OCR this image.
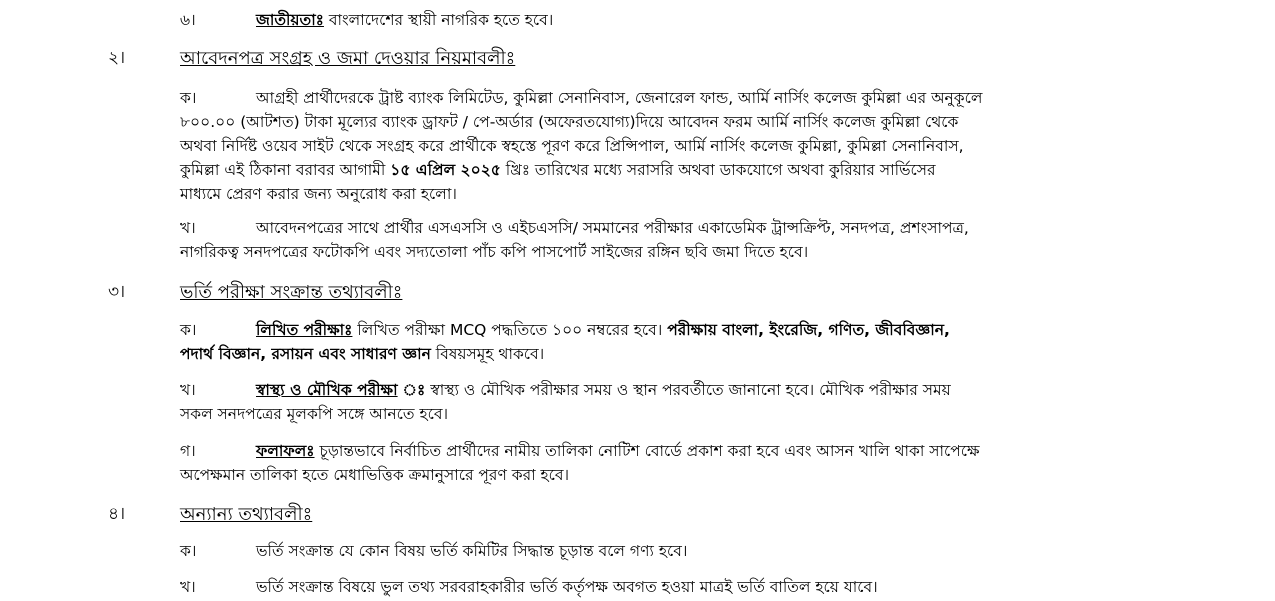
৬।	জাতীয়তাঃ বাংলাদেশের স্থায়ী নাগরিক হতে হবে।
২।	আবেদনপত্র সংগ্রহ ও জমা দেওয়ার নিয়মাবলীঃ
ক।	আগ্রহী প্রার্থীদেরকে ট্রাষ্ট ব্যাংক লিমিটেড, কুমিল্লা সেনানিবাস, জেনারেল ফান্ড, আর্মি নার্সিং কলেজ কুমিল্লা এর অনুকূলে
৮০০.০০ (আটশত) টাকা মূল্যের ব্যাংক ড্রাফট / পে-অর্ডার (অফেরতযোগ্য)দিয়ে আবেদন ফরম আর্মি নার্সিং কলেজ কুমিল্লা থেকে
অথবা নির্দিষ্ট ওয়েব সাইট থেকে সংগ্রহ করে প্রার্থীকে স্বহস্তে পূরণ করে প্রিন্সিপাল, আর্মি নার্সিং কলেজ কুমিল্লা, কুমিল্লা সেনানিবাস,
কুমিল্লা এই ঠিকানা বরাবর আগামী ১৫ এপ্রিল ২০২৫ খ্রিঃ তারিখের মধ্যে সরাসরি অথবা ডাকযোগে অথবা কুরিয়ার সার্ভিসের
মাধ্যমে প্রেরণ করার জন্য অনুরোধ করা হলো।
খ।	আবেদনপত্রের সাথে প্রার্থীর এসএসসি ও এইচএসসি/ সমমানের পরীক্ষার একাডেমিক ট্রান্সক্রিপ্ট, সনদপত্র, প্রশংসাপত্র,
নাগরিকত্ব সনদপত্রের ফটোকপি এবং সদ্যতোলা পাঁচ কপি পাসপোর্ট সাইজের রঙ্গিন ছবি জমা দিতে হবে।
৩।	ভর্তি পরীক্ষা সংক্রান্ত তথ্যাবলীঃ
ক।	লিখিত পরীক্ষাঃ লিখিত পরীক্ষা MCQ পদ্ধতিতে ১০০ নম্বরের হবে। পরীক্ষায় বাংলা, ইংরেজি, গণিত, জীববিজ্ঞান,
পদার্থ বিজ্ঞান, রসায়ন এবং সাধারণ জ্ঞান বিষয়সমূহ থাকবে।
খ।	স্বাস্থ্য ও মৌখিক পরীক্ষা ঃ স্বাস্থ্য ও মৌখিক পরীক্ষার সময় ও স্থান পরবর্তীতে জানানো হবে। মৌখিক পরীক্ষার সময়
সকল সনদপত্রের মূলকপি সঙ্গে আনতে হবে।
গ।	ফলাফলঃ চূড়ান্তভাবে নির্বাচিত প্রার্থীদের নামীয় তালিকা নোটিশ বোর্ডে প্রকাশ করা হবে এবং আসন খালি থাকা সাপেক্ষে
অপেক্ষমান তালিকা হতে মেধাভিত্তিক ক্রমানুসারে পূরণ করা হবে।
৪।	অন্যান্য তথ্যাবলীঃ
ক।	ভর্তি সংক্রান্ত যে কোন বিষয় ভর্তি কমিটির সিদ্ধান্ত চূড়ান্ত বলে গণ্য হবে।
খ।	ভর্তি সংক্রান্ত বিষয়ে ভুল তথ্য সরবরাহকারীর ভর্তি কর্তৃপক্ষ অবগত হওয়া মাত্রই ভর্তি বাতিল হয়ে যাবে।
